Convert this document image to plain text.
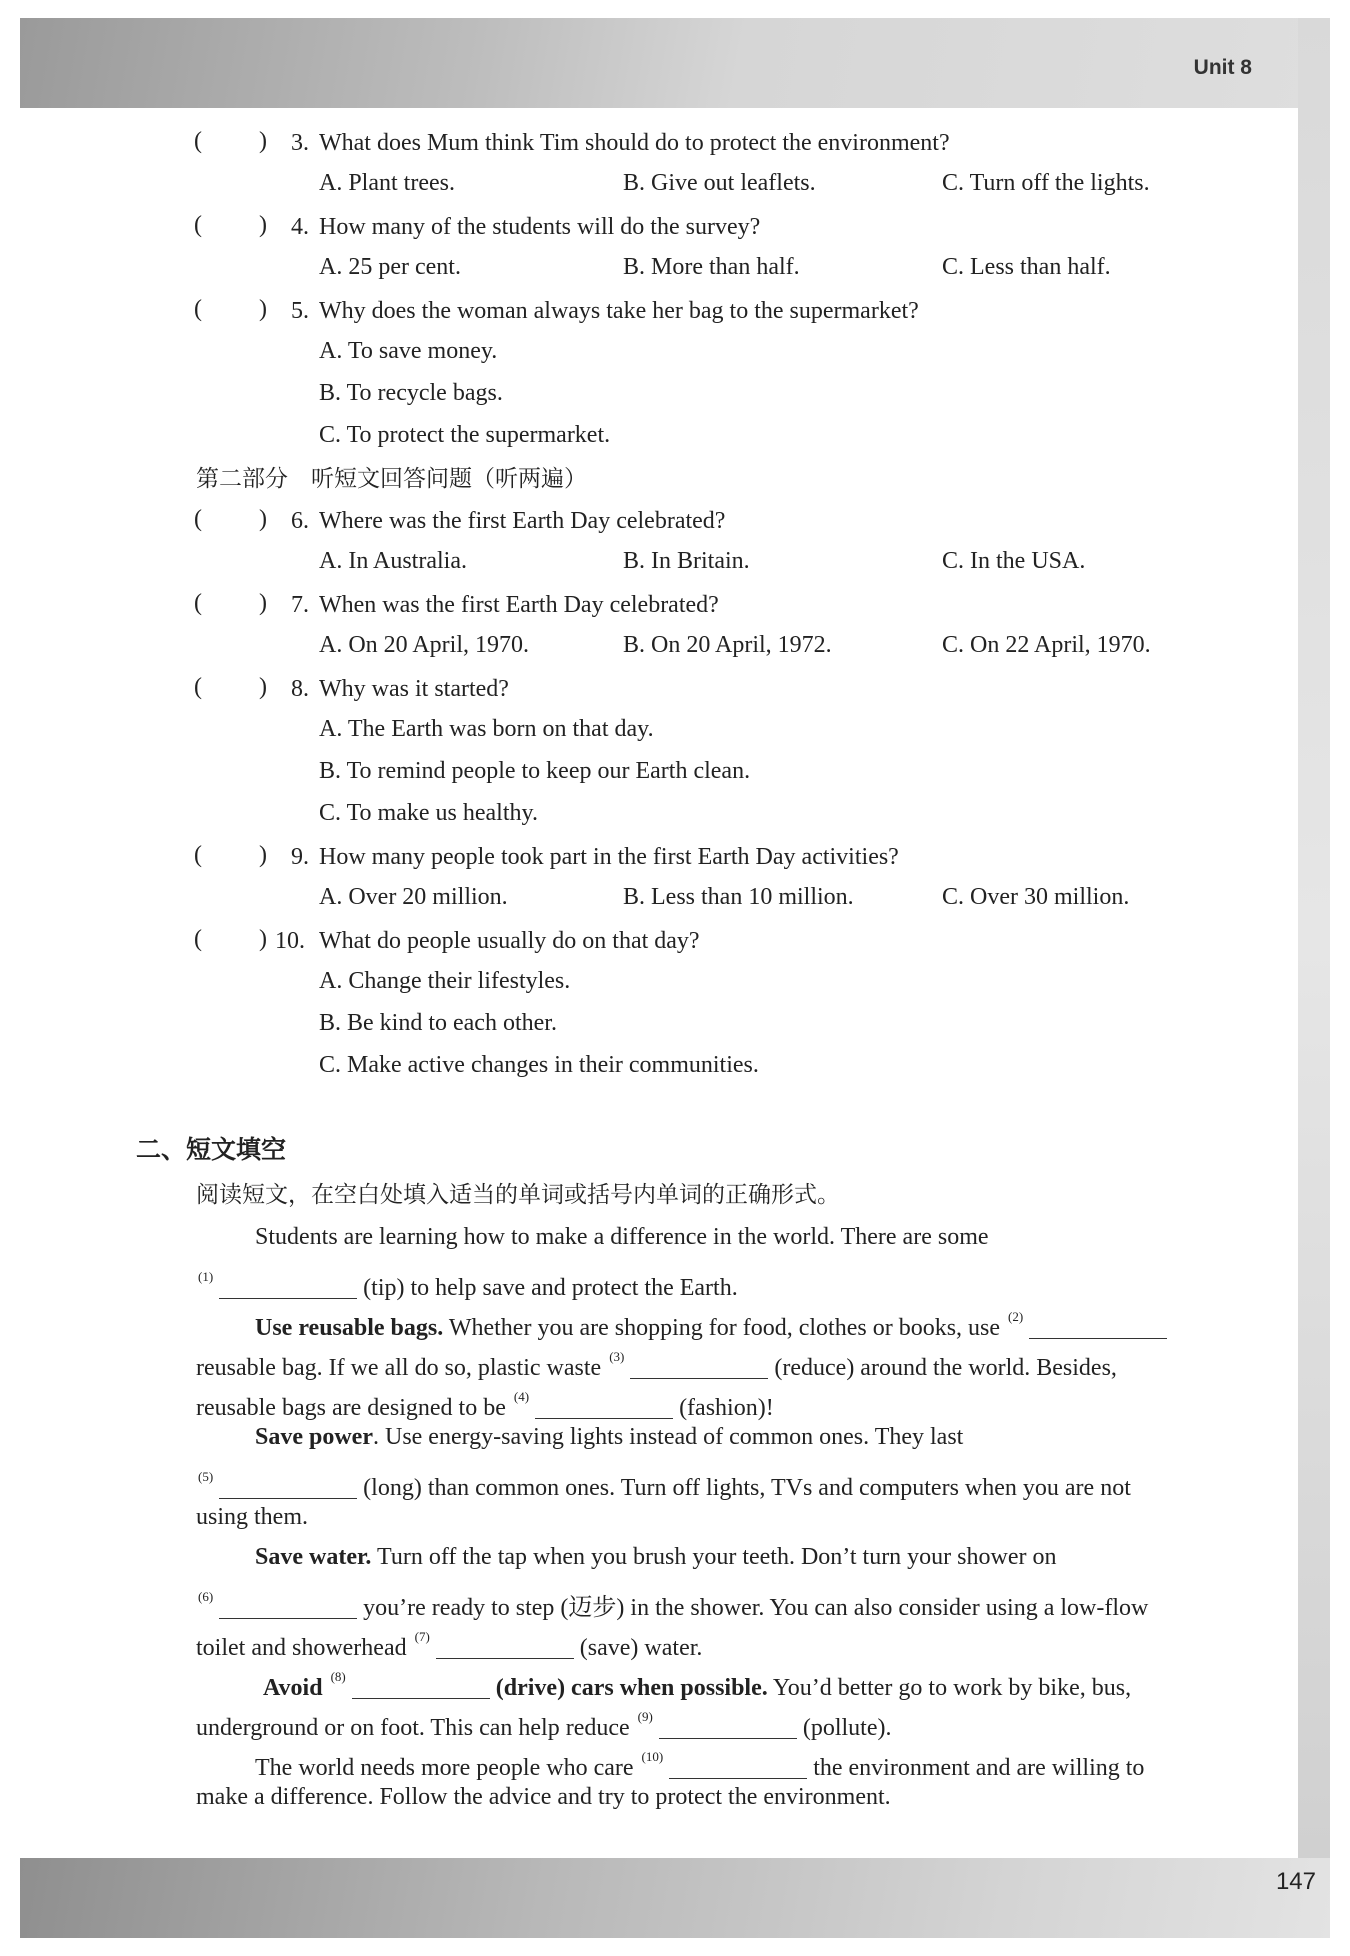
Unit 8
( ) 3. What does Mum think Tim should do to protect the environment?
A. Plant trees.	B. Give out leaflets.	C. Turn off the lights.
( ) 4. How many of the students will do the survey?
A. 25 per cent.	B. More than half.	C. Less than half.
( ) 5. Why does the woman always take her bag to the supermarket?
A. To save money.
B. To recycle bags.
C. To protect the supermarket.
第二部分　听短文回答问题（听两遍）
( ) 6. Where was the first Earth Day celebrated?
A. In Australia.	B. In Britain.	C. In the USA.
( ) 7. When was the first Earth Day celebrated?
A. On 20 April, 1970.	B. On 20 April, 1972.	C. On 22 April, 1970.
( ) 8. Why was it started?
A. The Earth was born on that day.
B. To remind people to keep our Earth clean.
C. To make us healthy.
( ) 9. How many people took part in the first Earth Day activities?
A. Over 20 million.	B. Less than 10 million.	C. Over 30 million.
( ) 10. What do people usually do on that day?
A. Change their lifestyles.
B. Be kind to each other.
C. Make active changes in their communities.
二、短文填空
阅读短文，在空白处填入适当的单词或括号内单词的正确形式。
Students are learning how to make a difference in the world. There are some
$^{(1)}$	(tip) to help save and protect the Earth.
Use reusable bags. Whether you are shopping for food, clothes or books, use $^{(2)}$
reusable bag. If we all do so, plastic waste $^{(3)}$	(reduce) around the world. Besides,
reusable bags are designed to be $^{(4)}$	(fashion)!
Save power. Use energy-saving lights instead of common ones. They last
$^{(5)}$	(long) than common ones. Turn off lights, TVs and computers when you are not
using them.
Save water. Turn off the tap when you brush your teeth. Don’t turn your shower on
$^{(6)}$	you’re ready to step (迈步) in the shower. You can also consider using a low-flow
toilet and showerhead $^{(7)}$	(save) water.
Avoid $^{(8)}$	(drive) cars when possible. You’d better go to work by bike, bus,
underground or on foot. This can help reduce $^{(9)}$	(pollute).
The world needs more people who care $^{(10)}$	the environment and are willing to
make a difference. Follow the advice and try to protect the environment.
147
